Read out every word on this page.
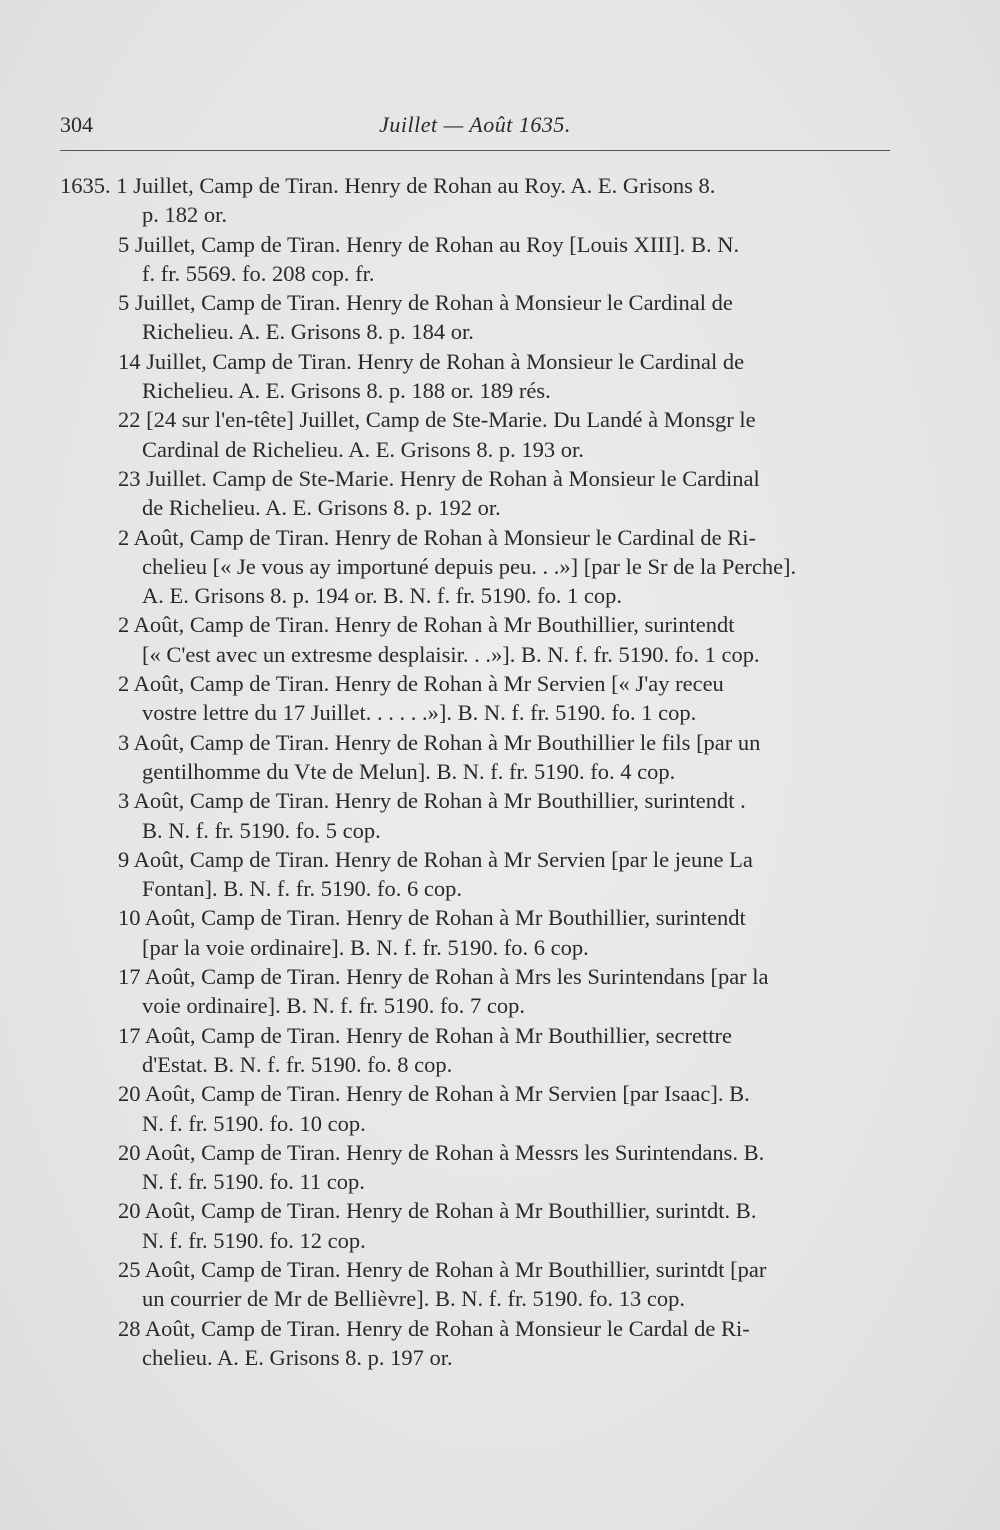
304	Juillet — Août 1635.
1635. 1 Juillet, Camp de Tiran. Henry de Rohan au Roy. A. E. Grisons 8.
p. 182 or.
5 Juillet, Camp de Tiran. Henry de Rohan au Roy [Louis XIII]. B. N.
f. fr. 5569. fo. 208 cop. fr.
5 Juillet, Camp de Tiran. Henry de Rohan à Monsieur le Cardinal de
Richelieu. A. E. Grisons 8. p. 184 or.
14 Juillet, Camp de Tiran. Henry de Rohan à Monsieur le Cardinal de
Richelieu. A. E. Grisons 8. p. 188 or. 189 rés.
22 [24 sur l'en-tête] Juillet, Camp de Ste-Marie. Du Landé à Monsgr le
Cardinal de Richelieu. A. E. Grisons 8. p. 193 or.
23 Juillet. Camp de Ste-Marie. Henry de Rohan à Monsieur le Cardinal
de Richelieu. A. E. Grisons 8. p. 192 or.
2 Août, Camp de Tiran. Henry de Rohan à Monsieur le Cardinal de Ri-
chelieu [« Je vous ay importuné depuis peu. . .»] [par le Sr de la Perche].
A. E. Grisons 8. p. 194 or. B. N. f. fr. 5190. fo. 1 cop.
2 Août, Camp de Tiran. Henry de Rohan à Mr Bouthillier, surintendt
[« C'est avec un extresme desplaisir. . .»]. B. N. f. fr. 5190. fo. 1 cop.
2 Août, Camp de Tiran. Henry de Rohan à Mr Servien [« J'ay receu
vostre lettre du 17 Juillet. . . . . .»]. B. N. f. fr. 5190. fo. 1 cop.
3 Août, Camp de Tiran. Henry de Rohan à Mr Bouthillier le fils [par un
gentilhomme du Vte de Melun]. B. N. f. fr. 5190. fo. 4 cop.
3 Août, Camp de Tiran. Henry de Rohan à Mr Bouthillier, surintendt .
B. N. f. fr. 5190. fo. 5 cop.
9 Août, Camp de Tiran. Henry de Rohan à Mr Servien [par le jeune La
Fontan]. B. N. f. fr. 5190. fo. 6 cop.
10 Août, Camp de Tiran. Henry de Rohan à Mr Bouthillier, surintendt
[par la voie ordinaire]. B. N. f. fr. 5190. fo. 6 cop.
17 Août, Camp de Tiran. Henry de Rohan à Mrs les Surintendans [par la
voie ordinaire]. B. N. f. fr. 5190. fo. 7 cop.
17 Août, Camp de Tiran. Henry de Rohan à Mr Bouthillier, secrettre
d'Estat. B. N. f. fr. 5190. fo. 8 cop.
20 Août, Camp de Tiran. Henry de Rohan à Mr Servien [par Isaac]. B.
N. f. fr. 5190. fo. 10 cop.
20 Août, Camp de Tiran. Henry de Rohan à Messrs les Surintendans. B.
N. f. fr. 5190. fo. 11 cop.
20 Août, Camp de Tiran. Henry de Rohan à Mr Bouthillier, surintdt. B.
N. f. fr. 5190. fo. 12 cop.
25 Août, Camp de Tiran. Henry de Rohan à Mr Bouthillier, surintdt [par
un courrier de Mr de Bellièvre]. B. N. f. fr. 5190. fo. 13 cop.
28 Août, Camp de Tiran. Henry de Rohan à Monsieur le Cardal de Ri-
chelieu. A. E. Grisons 8. p. 197 or.
